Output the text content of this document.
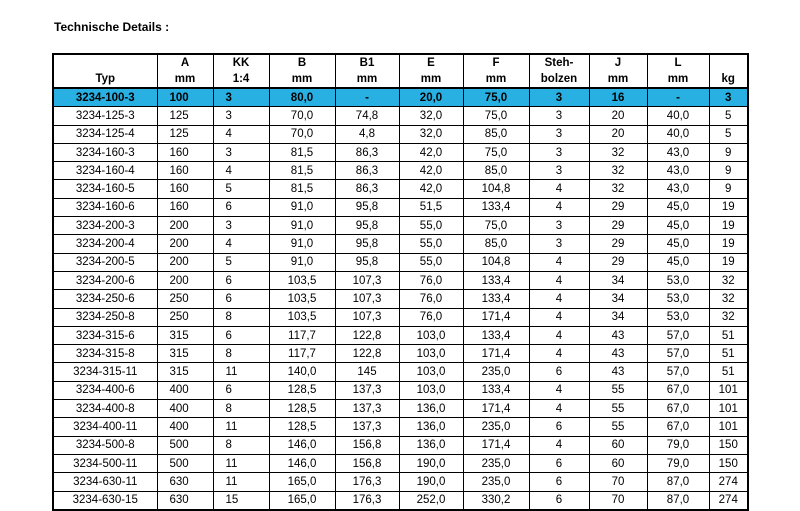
Technische Details :
	A	KK	B	B1	E	F	Steh-	J	L	
Typ	mm	1:4	mm	mm	mm	mm	bolzen	mm	mm	kg
3234-100-3	100	3	80,0	-	20,0	75,0	3	16	-	3
3234-125-3	125	3	70,0	74,8	32,0	75,0	3	20	40,0	5
3234-125-4	125	4	70,0	4,8	32,0	85,0	3	20	40,0	5
3234-160-3	160	3	81,5	86,3	42,0	75,0	3	32	43,0	9
3234-160-4	160	4	81,5	86,3	42,0	85,0	3	32	43,0	9
3234-160-5	160	5	81,5	86,3	42,0	104,8	4	32	43,0	9
3234-160-6	160	6	91,0	95,8	51,5	133,4	4	29	45,0	19
3234-200-3	200	3	91,0	95,8	55,0	75,0	3	29	45,0	19
3234-200-4	200	4	91,0	95,8	55,0	85,0	3	29	45,0	19
3234-200-5	200	5	91,0	95,8	55,0	104,8	4	29	45,0	19
3234-200-6	200	6	103,5	107,3	76,0	133,4	4	34	53,0	32
3234-250-6	250	6	103,5	107,3	76,0	133,4	4	34	53,0	32
3234-250-8	250	8	103,5	107,3	76,0	171,4	4	34	53,0	32
3234-315-6	315	6	117,7	122,8	103,0	133,4	4	43	57,0	51
3234-315-8	315	8	117,7	122,8	103,0	171,4	4	43	57,0	51
3234-315-11	315	11	140,0	145	103,0	235,0	6	43	57,0	51
3234-400-6	400	6	128,5	137,3	103,0	133,4	4	55	67,0	101
3234-400-8	400	8	128,5	137,3	136,0	171,4	4	55	67,0	101
3234-400-11	400	11	128,5	137,3	136,0	235,0	6	55	67,0	101
3234-500-8	500	8	146,0	156,8	136,0	171,4	4	60	79,0	150
3234-500-11	500	11	146,0	156,8	190,0	235,0	6	60	79,0	150
3234-630-11	630	11	165,0	176,3	190,0	235,0	6	70	87,0	274
3234-630-15	630	15	165,0	176,3	252,0	330,2	6	70	87,0	274
